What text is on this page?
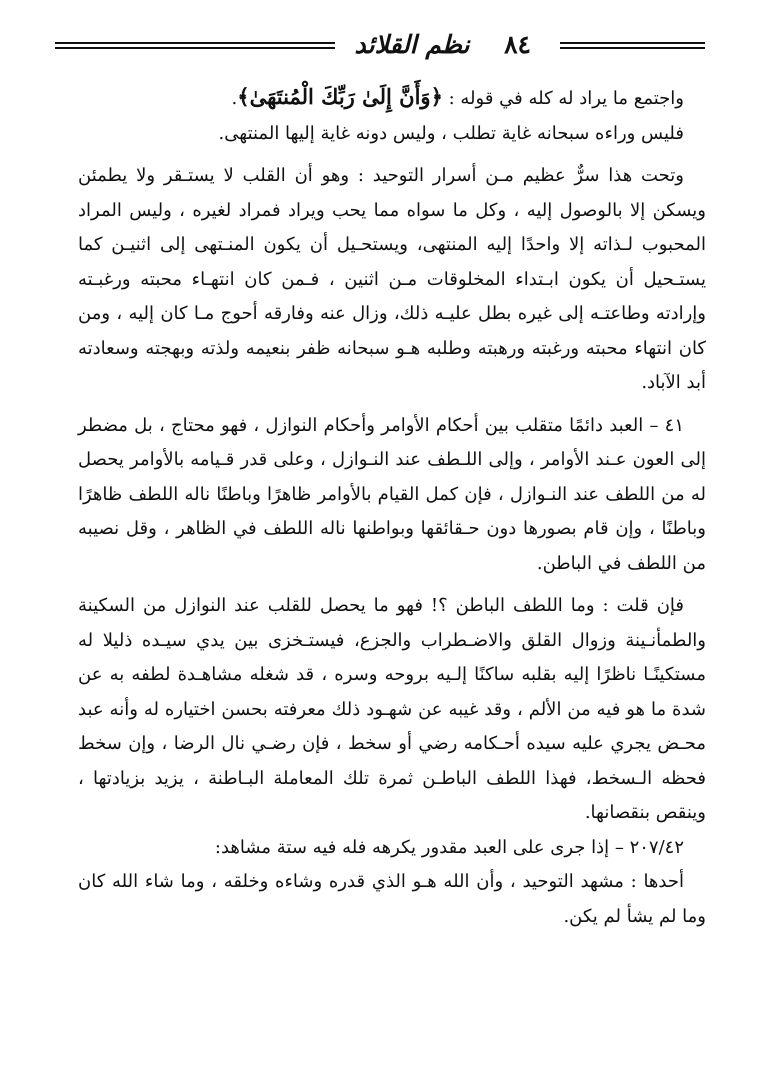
نظم القلائد	٨٤

واجتمع ما يراد له كله في قوله : ﴿وَأَنَّ إِلَىٰ رَبِّكَ الْمُنتَهَىٰ﴾.

فليس وراءه سبحانه غاية تطلب ، وليس دونه غاية إليها المنتهى.

وتحت هذا سرٌّ عظيم مـن أسرار التوحيد : وهو أن القلب لا يستـقر ولا يطمئن ويسكن إلا بالوصول إليه ، وكل ما سواه مما يحب ويراد فمراد لغيره ، وليس المراد المحبوب لـذاته إلا واحدًا إليه المنتهى، ويستحـيل أن يكون المنـتهى إلى اثنيـن كما يستـحيل أن يكون ابـتداء المخلوقات مـن اثنين ، فـمن كان انتهـاء محبته ورغبـته وإرادته وطاعتـه إلى غيره بطل عليـه ذلك، وزال عنه وفارقه أحوج مـا كان إليه ، ومن كان انتهاء محبته ورغبته ورهبته وطلبه هـو سبحانه ظفر بنعيمه ولذته وبهجته وسعادته أبد الآباد.

٤١ – العبد دائمًا متقلب بين أحكام الأوامر وأحكام النوازل ، فهو محتاج ، بل مضطر إلى العون عـند الأوامر ، وإلى اللـطف عند النـوازل ، وعلى قدر قـيامه بالأوامر يحصل له من اللطف عند النـوازل ، فإن كمل القيام بالأوامر ظاهرًا وباطنًا ناله اللطف ظاهرًا وباطنًا ، وإن قام بصورها دون حـقائقها وبواطنها ناله اللطف في الظاهر ، وقل نصيبه من اللطف في الباطن.

فإن قلت : وما اللطف الباطن ؟! فهو ما يحصل للقلب عند النوازل من السكينة والطمأنـينة وزوال القلق والاضـطراب والجزع، فيستـخزى بين يدي سيـده ذليلا له مستكينًـا ناظرًا إليه بقلبه ساكنًا إلـيه بروحه وسره ، قد شغله مشاهـدة لطفه به عن شدة ما هو فيه من الألم ، وقد غيبه عن شهـود ذلك معرفته بحسن اختياره له وأنه عبد محـض يجري عليه سيده أحـكامه رضي أو سخط ، فإن رضـي نال الرضا ، وإن سخط فحظه الـسخط، فهذا اللطف الباطـن ثمرة تلك المعاملة البـاطنة ، يزيد بزيادتها ، وينقص بنقصانها.

٢٠٧/٤٢ – إذا جرى على العبد مقدور يكرهه فله فيه ستة مشاهد:

أحدها : مشهد التوحيد ، وأن الله هـو الذي قدره وشاءه وخلقه ، وما شاء الله كان وما لم يشأ لم يكن.
